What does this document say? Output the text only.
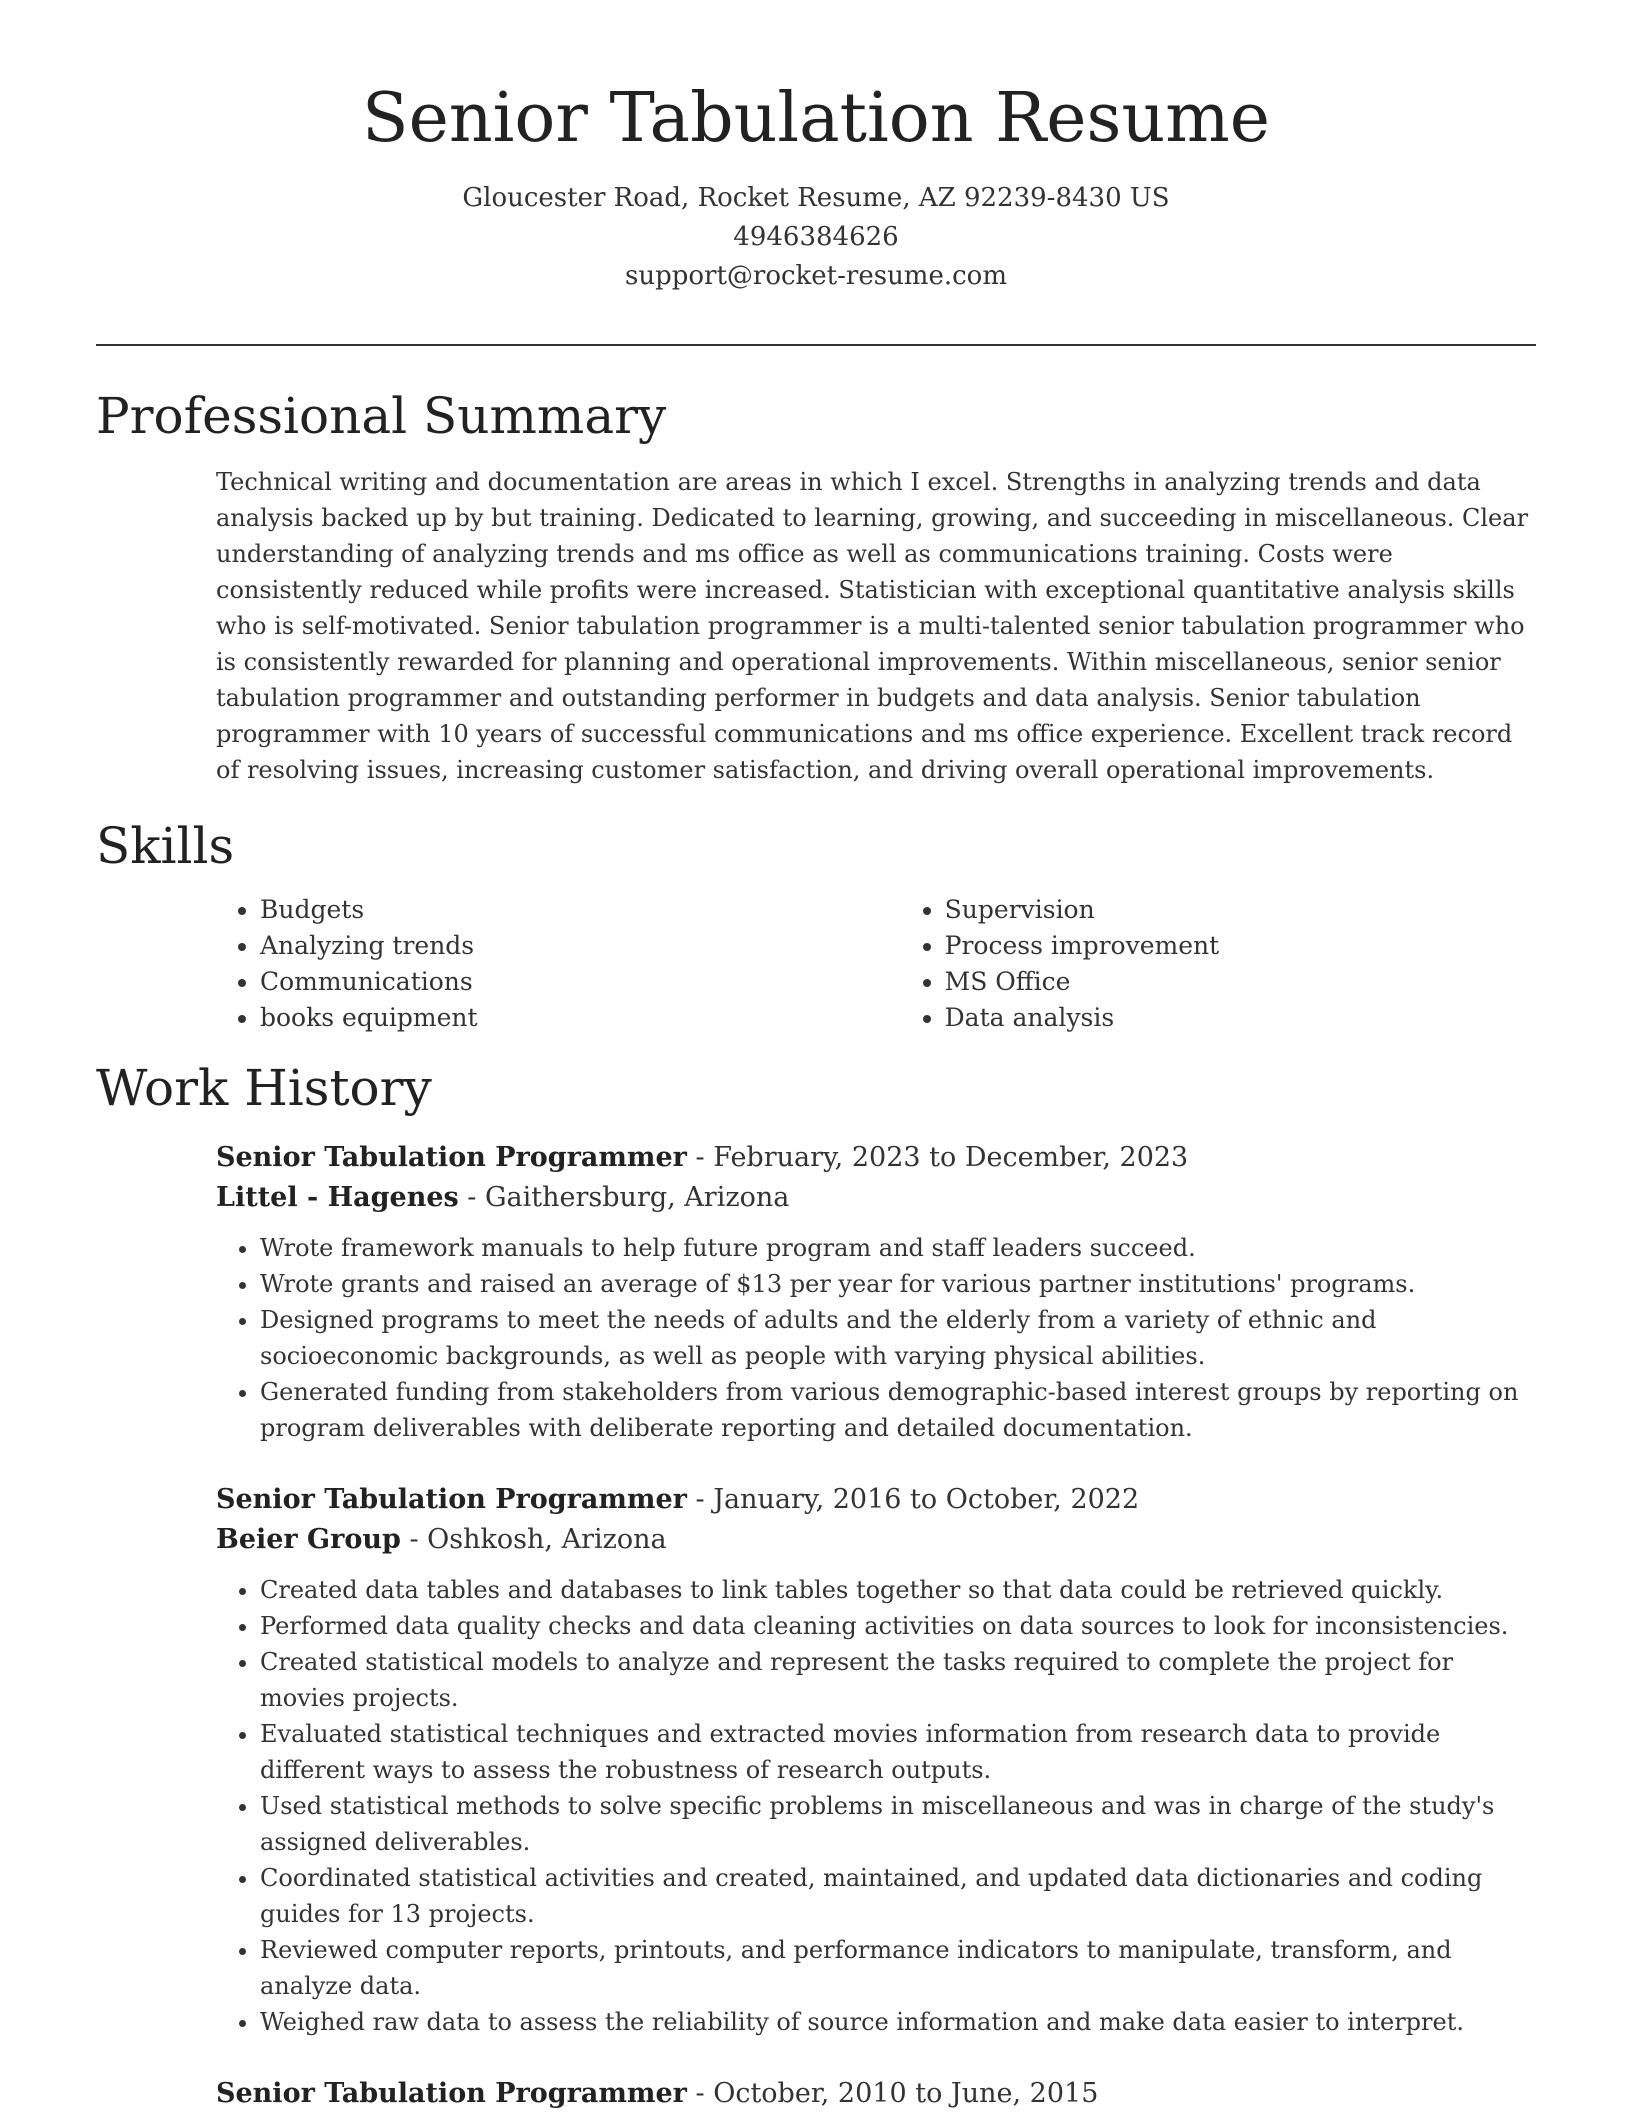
Senior Tabulation Resume
Gloucester Road, Rocket Resume, AZ 92239-8430 US
4946384626
support@rocket-resume.com
Professional Summary

Technical writing and documentation are areas in which I excel. Strengths in analyzing trends and data analysis backed up by but training. Dedicated to learning, growing, and succeeding in miscellaneous. Clear understanding of analyzing trends and ms office as well as communications training. Costs were consistently reduced while profits were increased. Statistician with exceptional quantitative analysis skills who is self-motivated. Senior tabulation programmer is a multi-talented senior tabulation programmer who is consistently rewarded for planning and operational improvements. Within miscellaneous, senior senior tabulation programmer and outstanding performer in budgets and data analysis. Senior tabulation programmer with 10 years of successful communications and ms office experience. Excellent track record of resolving issues, increasing customer satisfaction, and driving overall operational improvements.

Skills
• Budgets
• Analyzing trends
• Communications
• books equipment
• Supervision
• Process improvement
• MS Office
• Data analysis
Work History
Senior Tabulation Programmer - February, 2023 to December, 2023
Littel - Hagenes - Gaithersburg, Arizona
• Wrote framework manuals to help future program and staff leaders succeed.
• Wrote grants and raised an average of $13 per year for various partner institutions' programs.
• Designed programs to meet the needs of adults and the elderly from a variety of ethnic and socioeconomic backgrounds, as well as people with varying physical abilities.
• Generated funding from stakeholders from various demographic-based interest groups by reporting on program deliverables with deliberate reporting and detailed documentation.
Senior Tabulation Programmer - January, 2016 to October, 2022
Beier Group - Oshkosh, Arizona
• Created data tables and databases to link tables together so that data could be retrieved quickly.
• Performed data quality checks and data cleaning activities on data sources to look for inconsistencies.
• Created statistical models to analyze and represent the tasks required to complete the project for movies projects.
• Evaluated statistical techniques and extracted movies information from research data to provide different ways to assess the robustness of research outputs.
• Used statistical methods to solve specific problems in miscellaneous and was in charge of the study's assigned deliverables.
• Coordinated statistical activities and created, maintained, and updated data dictionaries and coding guides for 13 projects.
• Reviewed computer reports, printouts, and performance indicators to manipulate, transform, and analyze data.
• Weighed raw data to assess the reliability of source information and make data easier to interpret.
Senior Tabulation Programmer - October, 2010 to June, 2015
